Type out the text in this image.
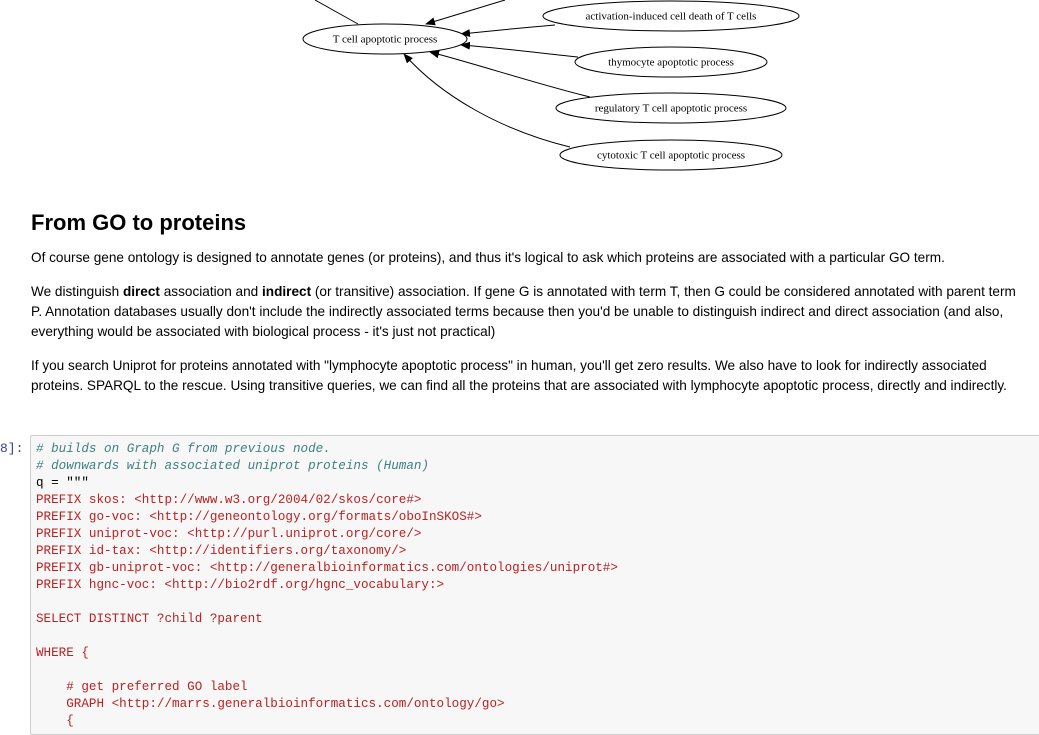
T cell apoptotic process
activation-induced cell death of T cells
thymocyte apoptotic process
regulatory T cell apoptotic process
cytotoxic T cell apoptotic process
From GO to proteins

Of course gene ontology is designed to annotate genes (or proteins), and thus it's logical to ask which proteins are associated with a particular GO term.

We distinguish direct association and indirect (or transitive) association. If gene G is annotated with term T, then G could be considered annotated with parent term P. Annotation databases usually don't include the indirectly associated terms because then you'd be unable to distinguish indirect and direct association (and also, everything would be associated with biological process - it's just not practical)

If you search Uniprot for proteins annotated with "lymphocyte apoptotic process" in human, you'll get zero results. We also have to look for indirectly associated proteins. SPARQL to the rescue. Using transitive queries, we can find all the proteins that are associated with lymphocyte apoptotic process, directly and indirectly.

8]: # builds on Graph G from previous node.
# downwards with associated uniprot proteins (Human)
q = """
PREFIX skos: <http://www.w3.org/2004/02/skos/core#>
PREFIX go-voc: <http://geneontology.org/formats/oboInSKOS#>
PREFIX uniprot-voc: <http://purl.uniprot.org/core/>
PREFIX id-tax: <http://identifiers.org/taxonomy/>
PREFIX gb-uniprot-voc: <http://generalbioinformatics.com/ontologies/uniprot#>
PREFIX hgnc-voc: <http://bio2rdf.org/hgnc_vocabulary:>
SELECT DISTINCT ?child ?parent
WHERE {
# get preferred GO label
GRAPH <http://marrs.generalbioinformatics.com/ontology/go>
{
